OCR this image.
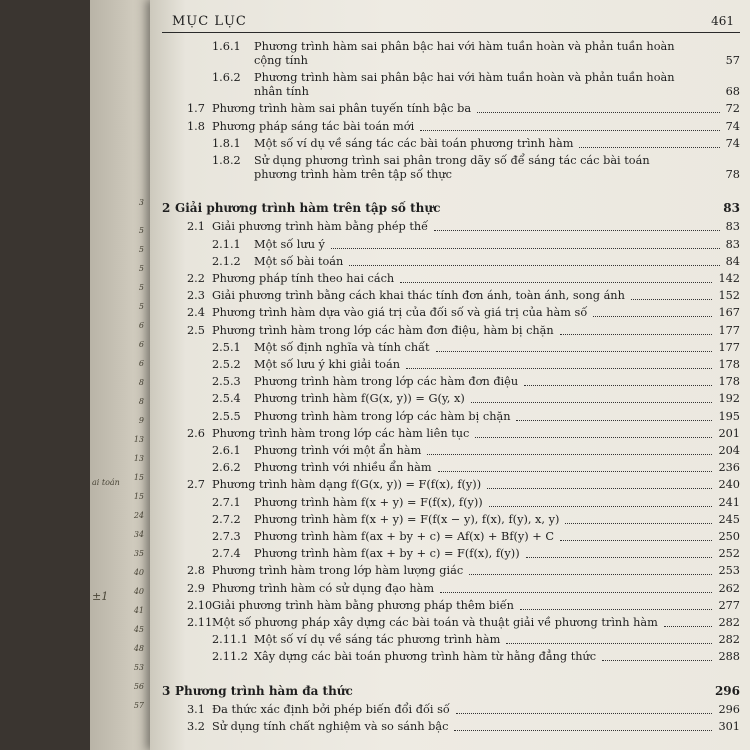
3
5
5
5
5
5
6
6
6
8
8
9
13
13
15
15
24
34
35
40
40
41
45
48
53
56
57
ai toán
±1
MỤC LỤC	461
1.6.1 Phương trình hàm sai phân bậc hai với hàm tuần hoàn và phản tuần hoàn
cộng tính	57
1.6.2 Phương trình hàm sai phân bậc hai với hàm tuần hoàn và phản tuần hoàn
nhân tính	68
1.7 Phương trình hàm sai phân tuyến tính bậc ba	72
1.8 Phương pháp sáng tác bài toán mới	74
1.8.1 Một số ví dụ về sáng tác các bài toán phương trình hàm	74
1.8.2 Sử dụng phương trình sai phân trong dãy số để sáng tác các bài toán
phương trình hàm trên tập số thực	78
2 Giải phương trình hàm trên tập số thực	83
2.1 Giải phương trình hàm bằng phép thế	83
2.1.1 Một số lưu ý	83
2.1.2 Một số bài toán	84
2.2 Phương pháp tính theo hai cách	142
2.3 Giải phương trình bằng cách khai thác tính đơn ánh, toàn ánh, song ánh	152
2.4 Phương trình hàm dựa vào giá trị của đối số và giá trị của hàm số	167
2.5 Phương trình hàm trong lớp các hàm đơn điệu, hàm bị chặn	177
2.5.1 Một số định nghĩa và tính chất	177
2.5.2 Một số lưu ý khi giải toán	178
2.5.3 Phương trình hàm trong lớp các hàm đơn điệu	178
2.5.4 Phương trình hàm f(G(x, y)) = G(y, x)	192
2.5.5 Phương trình hàm trong lớp các hàm bị chặn	195
2.6 Phương trình hàm trong lớp các hàm liên tục	201
2.6.1 Phương trình với một ẩn hàm	204
2.6.2 Phương trình với nhiều ẩn hàm	236
2.7 Phương trình hàm dạng f(G(x, y)) = F(f(x), f(y))	240
2.7.1 Phương trình hàm f(x + y) = F(f(x), f(y))	241
2.7.2 Phương trình hàm f(x + y) = F(f(x − y), f(x), f(y), x, y)	245
2.7.3 Phương trình hàm f(ax + by + c) = Af(x) + Bf(y) + C	250
2.7.4 Phương trình hàm f(ax + by + c) = F(f(x), f(y))	252
2.8 Phương trình hàm trong lớp hàm lượng giác	253
2.9 Phương trình hàm có sử dụng đạo hàm	262
2.10 Giải phương trình hàm bằng phương pháp thêm biến	277
2.11 Một số phương pháp xây dựng các bài toán và thuật giải về phương trình hàm	282
2.11.1 Một số ví dụ về sáng tác phương trình hàm	282
2.11.2 Xây dựng các bài toán phương trình hàm từ hằng đẳng thức	288
3 Phương trình hàm đa thức	296
3.1 Đa thức xác định bởi phép biến đổi đối số	296
3.2 Sử dụng tính chất nghiệm và so sánh bậc	301
